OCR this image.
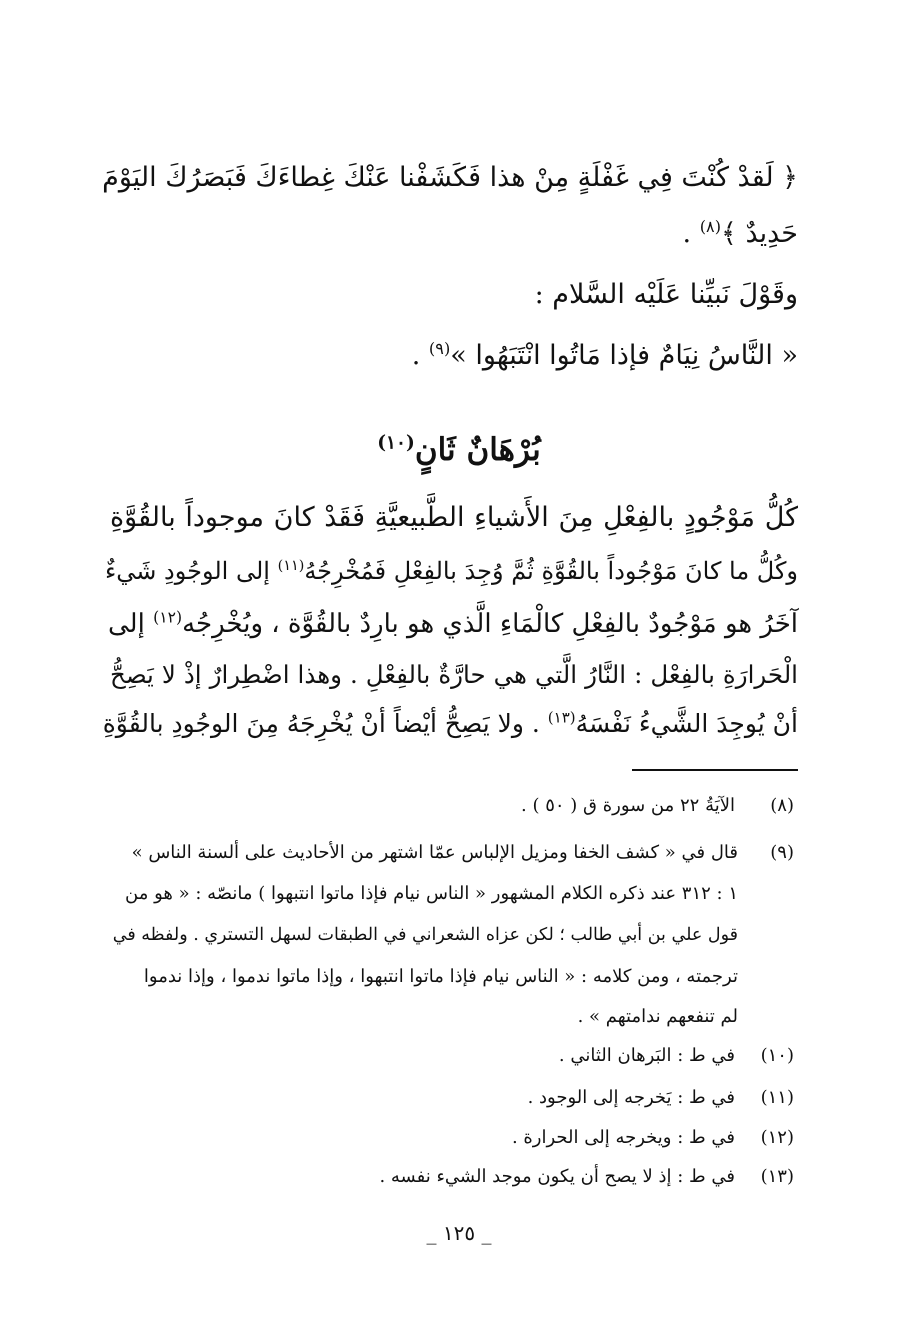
﴿ لَقدْ كُنْتَ فِي غَفْلَةٍ مِنْ هذا فَكَشَفْنا عَنْكَ غِطاءَكَ فَبَصَرُكَ اليَوْمَ
حَدِيدٌ ﴾$^{(٨)}$ .
وقَوْلَ نَبيِّنا عَلَيْه السَّلام :
« النَّاسُ نِيَامٌ فإذا مَاتُوا انْتَبَهُوا »$^{(٩)}$ .
بُرْهَانٌ ثَانٍ$^{(١٠)}$
كُلُّ مَوْجُودٍ بالفِعْلِ مِنَ الأَشياءِ الطَّبيعيَّةِ فَقَدْ كانَ موجوداً بالقُوَّةِ
وكُلُّ ما كانَ مَوْجُوداً بالقُوَّةِ ثُمَّ وُجِدَ بالفِعْلِ فَمُخْرِجُهُ$^{(١١)}$ إلى الوجُودِ شَيءٌ
آخَرُ هو مَوْجُودٌ بالفِعْلِ كالْمَاءِ الَّذي هو بارِدٌ بالقُوَّة ، ويُخْرِجُه$^{(١٢)}$ إلى
الْحَرارَةِ بالفِعْل : النَّارُ الَّتي هي حارَّةٌ بالفِعْلِ . وهذا اضْطِرارٌ إذْ لا يَصِحُّ
أنْ يُوجِدَ الشَّيءُ نَفْسَهُ$^{(١٣)}$ . ولا يَصِحُّ أيْضاً أنْ يُخْرِجَهُ مِنَ الوجُودِ بالقُوَّةِ
(٨)
الآيَةُ ٢٢ من سورة ق ( ٥٠ ) .
(٩)
قال في « كشف الخفا ومزيل الإلباس عمّا اشتهر من الأحاديث على ألسنة الناس »
١ : ٣١٢ عند ذكره الكلام المشهور « الناس نيام فإذا ماتوا انتبهوا ) مانصّه : « هو من
قول علي بن أبي طالب ؛ لكن عزاه الشعراني في الطبقات لسهل التستري . ولفظه في
ترجمته ، ومن كلامه : « الناس نيام فإذا ماتوا انتبهوا ، وإذا ماتوا ندموا ، وإذا ندموا
لم تنفعهم ندامتهم » .
(١٠)
في ط : البَرهان الثاني .
(١١)
في ط : يَخرجه إلى الوجود .
(١٢)
في ط : ويخرجه إلى الحرارة .
(١٣)
في ط : إذ لا يصح أن يكون موجد الشيء نفسه .
_ ١٢٥ _
